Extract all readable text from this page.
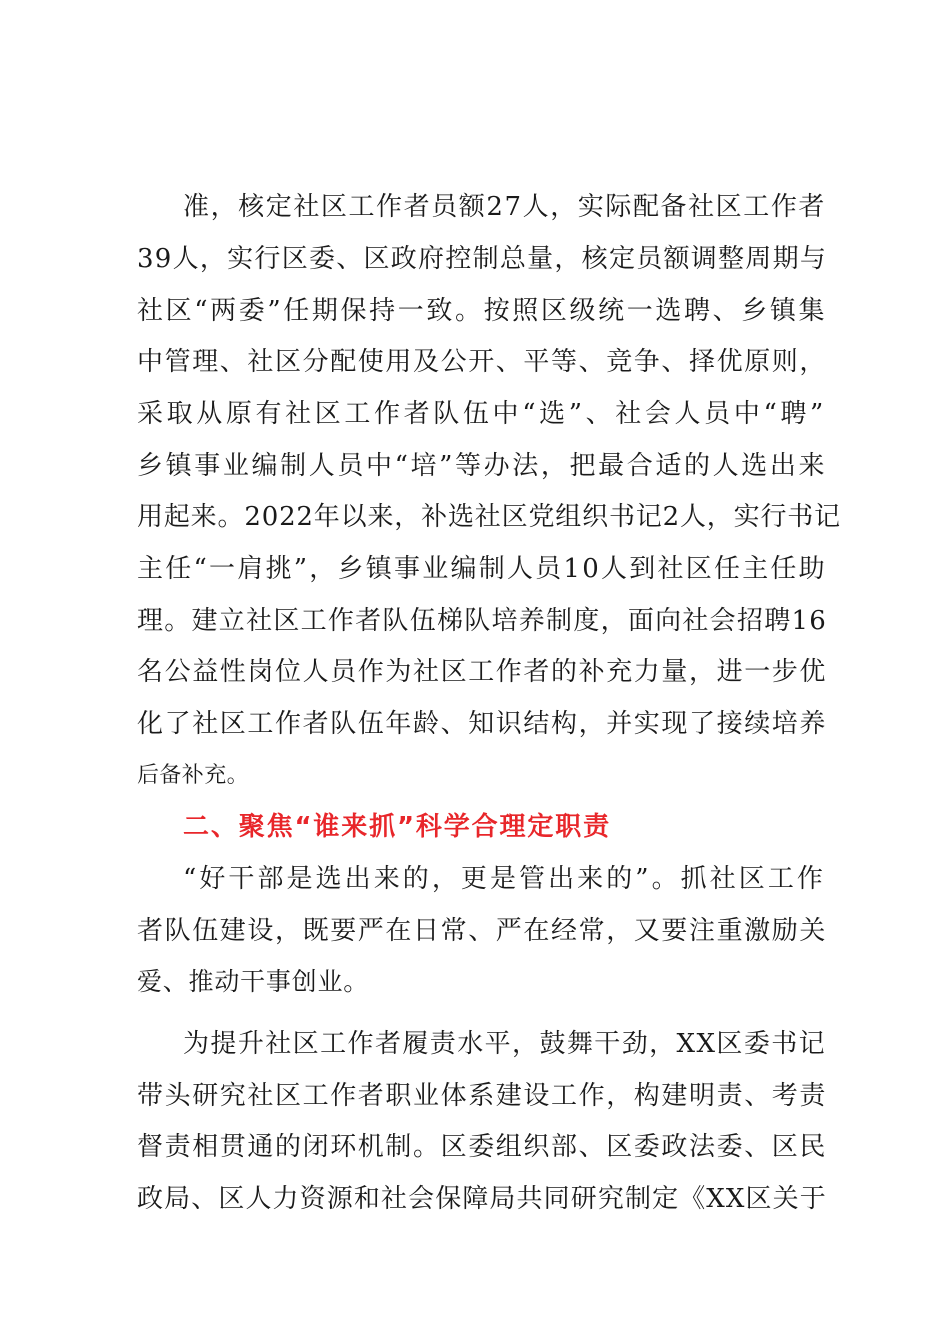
准，核定社区工作者员额27人，实际配备社区工作者
39人，实行区委、区政府控制总量，核定员额调整周期与
社区“两委”任期保持一致。按照区级统一选聘、乡镇集
中管理、社区分配使用及公开、平等、竞争、择优原则，
采取从原有社区工作者队伍中“选”、社会人员中“聘”
乡镇事业编制人员中“培”等办法，把最合适的人选出来
用起来。2022年以来，补选社区党组织书记2人，实行书记
主任“一肩挑”，乡镇事业编制人员10人到社区任主任助
理。建立社区工作者队伍梯队培养制度，面向社会招聘16
名公益性岗位人员作为社区工作者的补充力量，进一步优
化了社区工作者队伍年龄、知识结构，并实现了接续培养
后备补充。
二、聚焦“谁来抓”科学合理定职责
“好干部是选出来的，更是管出来的”。抓社区工作
者队伍建设，既要严在日常、严在经常，又要注重激励关
爱、推动干事创业。
为提升社区工作者履责水平，鼓舞干劲，XX区委书记
带头研究社区工作者职业体系建设工作，构建明责、考责
督责相贯通的闭环机制。区委组织部、区委政法委、区民
政局、区人力资源和社会保障局共同研究制定《XX区关于
